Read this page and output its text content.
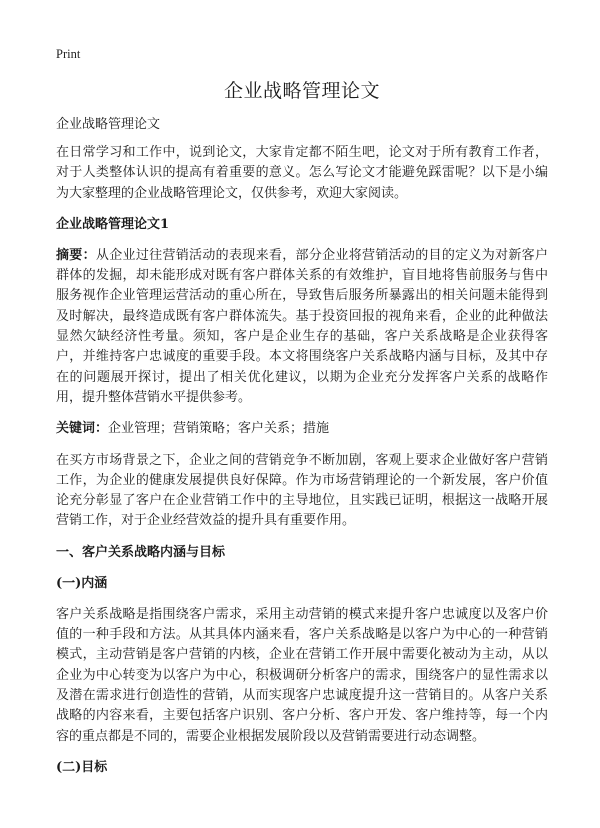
Print
企业战略管理论文
企业战略管理论文

在日常学习和工作中，说到论文，大家肯定都不陌生吧，论文对于所有教育工作者，对于人类整体认识的提高有着重要的意义。怎么写论文才能避免踩雷呢？以下是小编为大家整理的企业战略管理论文，仅供参考，欢迎大家阅读。

企业战略管理论文1

摘要：从企业过往营销活动的表现来看，部分企业将营销活动的目的定义为对新客户群体的发掘，却未能形成对既有客户群体关系的有效维护，盲目地将售前服务与售中服务视作企业管理运营活动的重心所在，导致售后服务所暴露出的相关问题未能得到及时解决，最终造成既有客户群体流失。基于投资回报的视角来看，企业的此种做法显然欠缺经济性考量。须知，客户是企业生存的基础，客户关系战略是企业获得客户，并维持客户忠诚度的重要手段。本文将围绕客户关系战略内涵与目标，及其中存在的问题展开探讨，提出了相关优化建议，以期为企业充分发挥客户关系的战略作用，提升整体营销水平提供参考。

关键词：企业管理；营销策略；客户关系；措施

在买方市场背景之下，企业之间的营销竞争不断加剧，客观上要求企业做好客户营销工作，为企业的健康发展提供良好保障。作为市场营销理论的一个新发展，客户价值论充分彰显了客户在企业营销工作中的主导地位，且实践已证明，根据这一战略开展营销工作，对于企业经营效益的提升具有重要作用。

一、客户关系战略内涵与目标
(一)内涵

客户关系战略是指围绕客户需求，采用主动营销的模式来提升客户忠诚度以及客户价值的一种手段和方法。从其具体内涵来看，客户关系战略是以客户为中心的一种营销模式，主动营销是客户营销的内核，企业在营销工作开展中需要化被动为主动，从以企业为中心转变为以客户为中心，积极调研分析客户的需求，围绕客户的显性需求以及潜在需求进行创造性的营销，从而实现客户忠诚度提升这一营销目的。从客户关系战略的内容来看，主要包括客户识别、客户分析、客户开发、客户维持等，每一个内容的重点都是不同的，需要企业根据发展阶段以及营销需要进行动态调整。

(二)目标
